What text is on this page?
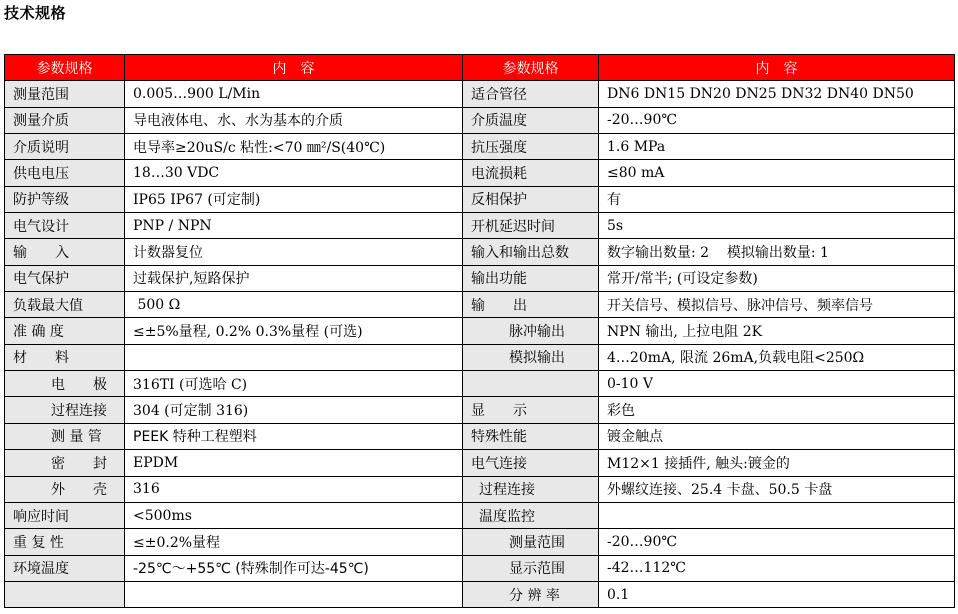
技术规格
参数规格	内　容	参数规格	内　容
测量范围	0.005…900 L/Min	适合管径	DN6 DN15 DN20 DN25 DN32 DN40 DN50
测量介质	导电液体电、水、水为基本的介质	介质温度	-20…90℃
介质说明	电导率≥20uS/c 粘性:<70 ㎜²/S(40℃)	抗压强度	1.6 MPa
供电电压	18…30 VDC	电流损耗	≤80 mA
防护等级	IP65 IP67 (可定制)	反相保护	有
电气设计	PNP / NPN	开机延迟时间	5s
输　　入	计数器复位	输入和输出总数	数字输出数量: 2    模拟输出数量: 1
电气保护	过载保护,短路保护	输出功能	常开/常半; (可设定参数)
负载最大值	500 Ω	输　　出	开关信号、模拟信号、脉冲信号、频率信号
准 确 度	≤±5%量程, 0.2% 0.3%量程 (可选)	脉冲输出	NPN 输出, 上拉电阻 2K
材　　料		模拟输出	4…20mA, 限流 26mA,负载电阻<250Ω
电　　极	316TI (可选哈 C)		0-10 V
过程连接	304 (可定制 316)	显　　示	彩色
测 量 管	PEEK 特种工程塑料	特殊性能	镀金触点
密　　封	EPDM	电气连接	M12×1 接插件, 触头:镀金的
外　　壳	316	过程连接	外螺纹连接、25.4 卡盘、50.5 卡盘
响应时间	<500ms	温度监控	
重 复 性	≤±0.2%量程	测量范围	-20…90℃
环境温度	-25℃～+55℃ (特殊制作可达-45℃)	显示范围	-42…112℃
		分 辨 率	0.1
